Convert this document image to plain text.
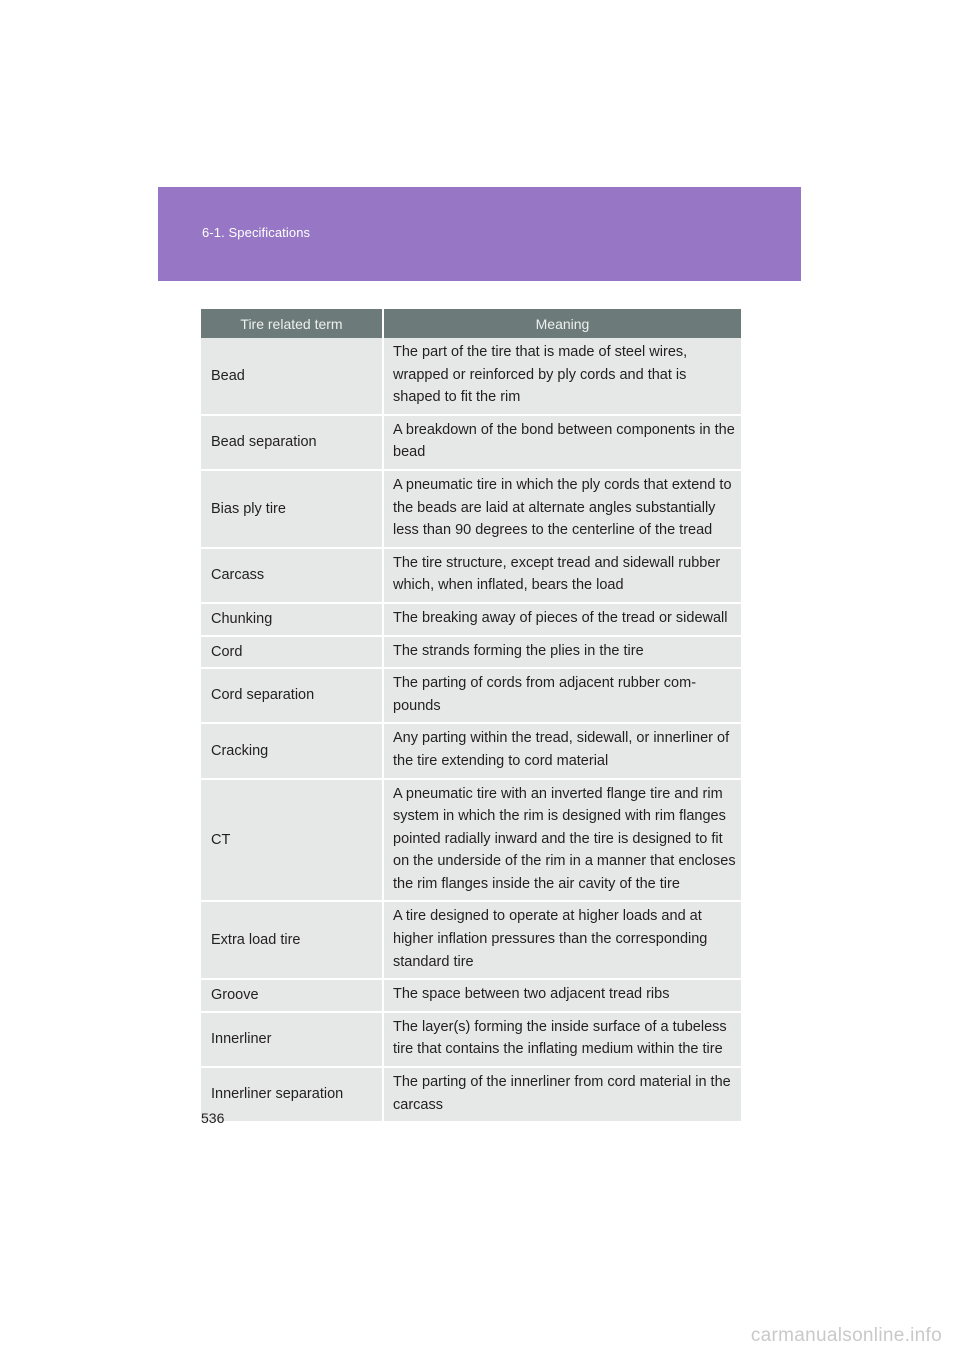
6-1. Specifications
Tire related term	Meaning
Bead	The part of the tire that is made of steel wires, wrapped or reinforced by ply cords and that is shaped to fit the rim
Bead separation	A breakdown of the bond between components in the bead
Bias ply tire	A pneumatic tire in which the ply cords that extend to the beads are laid at alternate angles substantially less than 90 degrees to the centerline of the tread
Carcass	The tire structure, except tread and sidewall rubber which, when inflated, bears the load
Chunking	The breaking away of pieces of the tread or sidewall
Cord	The strands forming the plies in the tire
Cord separation	The parting of cords from adjacent rubber com- pounds
Cracking	Any parting within the tread, sidewall, or innerliner of the tire extending to cord material
CT	A pneumatic tire with an inverted flange tire and rim system in which the rim is designed with rim flanges pointed radially inward and the tire is designed to fit on the underside of the rim in a manner that encloses the rim flanges inside the air cavity of the tire
Extra load tire	A tire designed to operate at higher loads and at higher inflation pressures than the corresponding standard tire
Groove	The space between two adjacent tread ribs
Innerliner	The layer(s) forming the inside surface of a tubeless tire that contains the inflating medium within the tire
Innerliner separation	The parting of the innerliner from cord material in the carcass
536
carmanualsonline.info
